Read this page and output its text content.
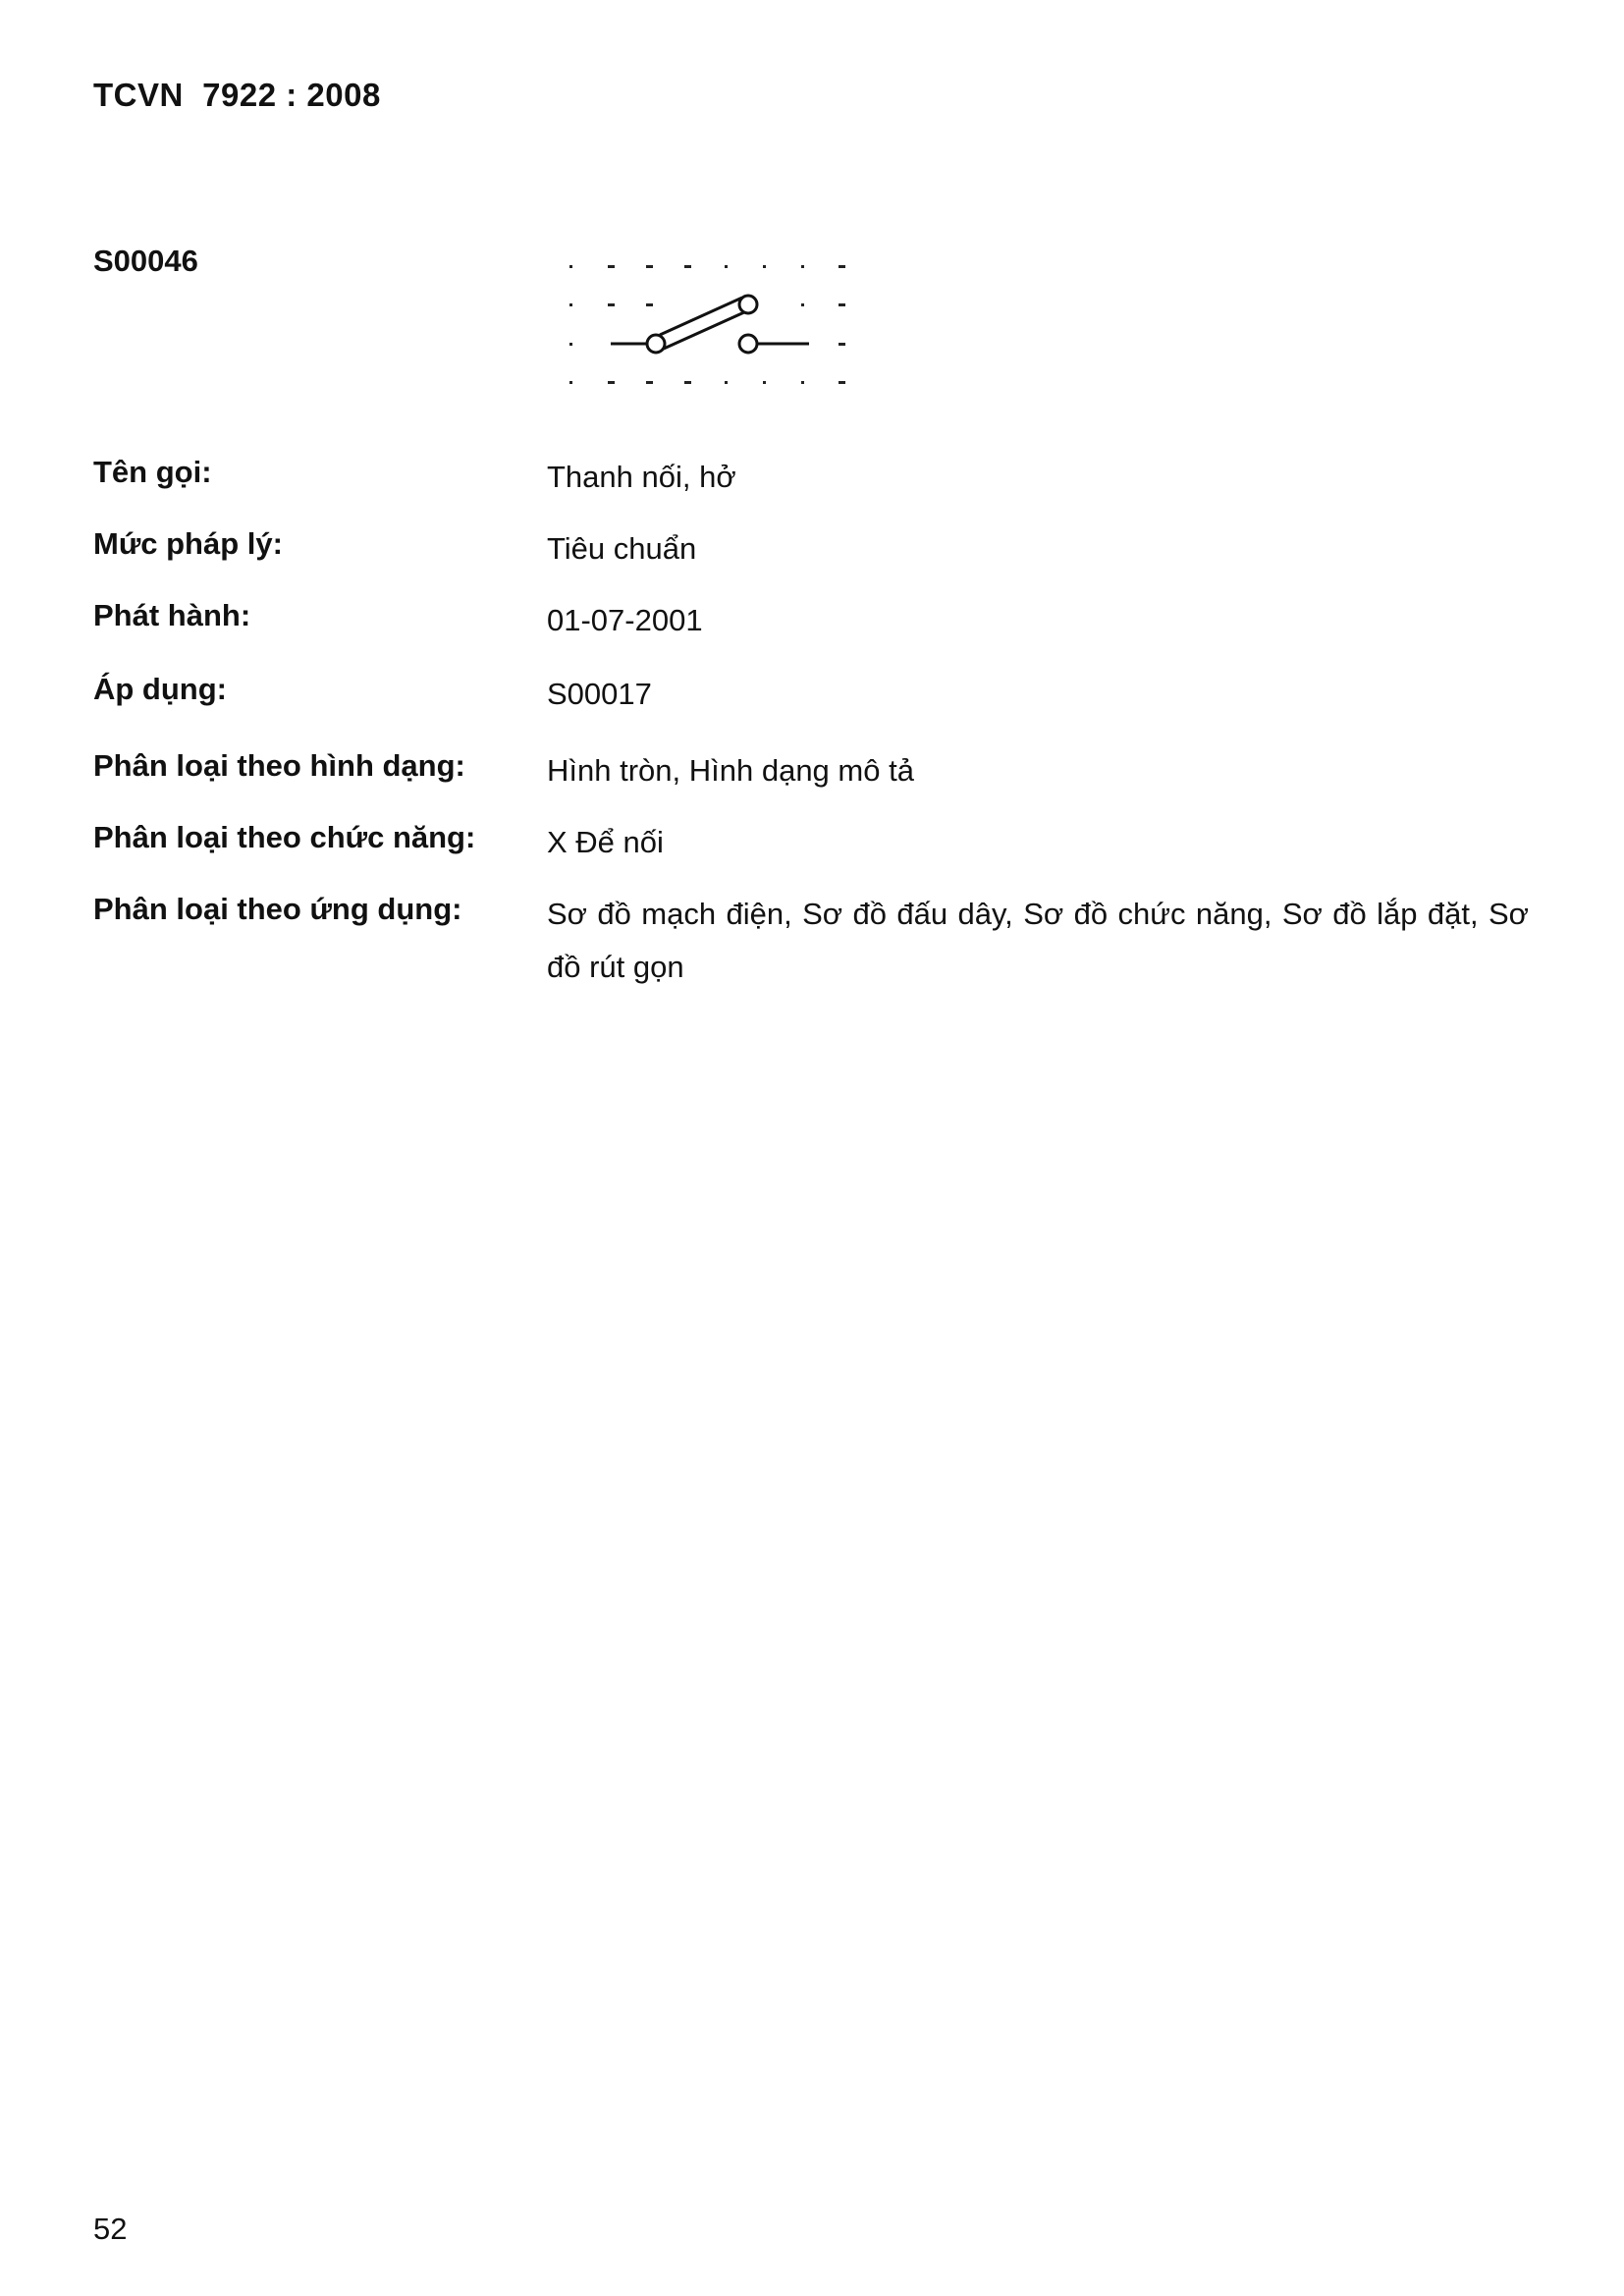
TCVN  7922 : 2008
S00046
Tên gọi:	Thanh nối, hở
Mức pháp lý:	Tiêu chuẩn
Phát hành:	01-07-2001
Áp dụng:	S00017
Phân loại theo hình dạng:	Hình tròn, Hình dạng mô tả
Phân loại theo chức năng: X Để nối
Phân loại theo ứng dụng:	Sơ đồ mạch điện, Sơ đồ đấu dây, Sơ đồ chức năng, Sơ đồ lắp đặt, Sơ đồ rút gọn
52
